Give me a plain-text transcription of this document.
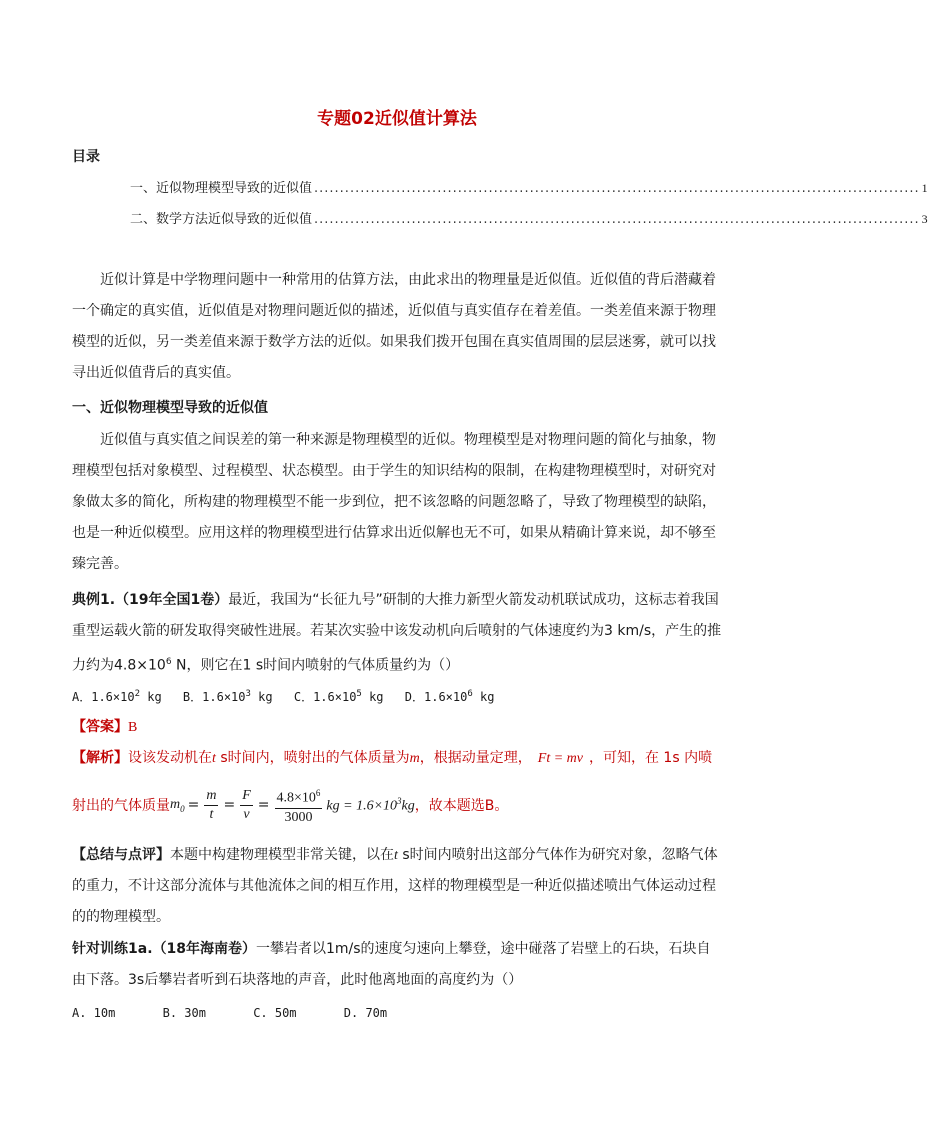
专题02近似值计算法
目录
一、近似物理模型导致的近似值 ...................................................................................................................... 1
二、数学方法近似导致的近似值 ...................................................................................................................... 3
近似计算是中学物理问题中一种常用的估算方法，由此求出的物理量是近似值。近似值的背后潜藏着一个确定的真实值，近似值是对物理问题近似的描述，近似值与真实值存在着差值。一类差值来源于物理模型的近似，另一类差值来源于数学方法的近似。如果我们拨开包围在真实值周围的层层迷雾，就可以找寻出近似值背后的真实值。
一、近似物理模型导致的近似值
近似值与真实值之间误差的第一种来源是物理模型的近似。物理模型是对物理问题的简化与抽象，物理模型包括对象模型、过程模型、状态模型。由于学生的知识结构的限制，在构建物理模型时，对研究对象做太多的简化，所构建的物理模型不能一步到位，把不该忽略的问题忽略了，导致了物理模型的缺陷，也是一种近似模型。应用这样的物理模型进行估算求出近似解也无不可，如果从精确计算来说，却不够至臻完善。
典例1.（19年全国1卷）最近，我国为“长征九号”研制的大推力新型火箭发动机联试成功，这标志着我国重型运载火箭的研发取得突破性进展。若某次实验中该发动机向后喷射的气体速度约为3 km/s，产生的推力约为$4.8\times 10^6$ N，则它在1 s时间内喷射的气体质量约为（）
A．$1.6\times 10^2$ kg B．$1.6\times 10^3$ kg C．$1.6\times 10^5$ kg D．$1.6\times 10^6$ kg
【答案】B
【解析】设该发动机在t s时间内，喷射出的气体质量为m，根据动量定理， Ft = mv ，可知，在 1s 内喷
射出的气体质量 $m_0 = \frac{m}{t} = \frac{F}{v} = \frac{4.8\times 10^6}{3000}$ kg = $1.6\times 10^3kg$ ，故本题选B。
【总结与点评】本题中构建物理模型非常关键，以在t s时间内喷射出这部分气体作为研究对象，忽略气体的重力，不计这部分流体与其他流体之间的相互作用，这样的物理模型是一种近似描述喷出气体运动过程的的物理模型。
针对训练1a.（18年海南卷）一攀岩者以1m/s的速度匀速向上攀登，途中碰落了岩壁上的石块，石块自由下落。3s后攀岩者听到石块落地的声音，此时他离地面的高度约为（）
A. 10m	B. 30m	C. 50m	D. 70m
